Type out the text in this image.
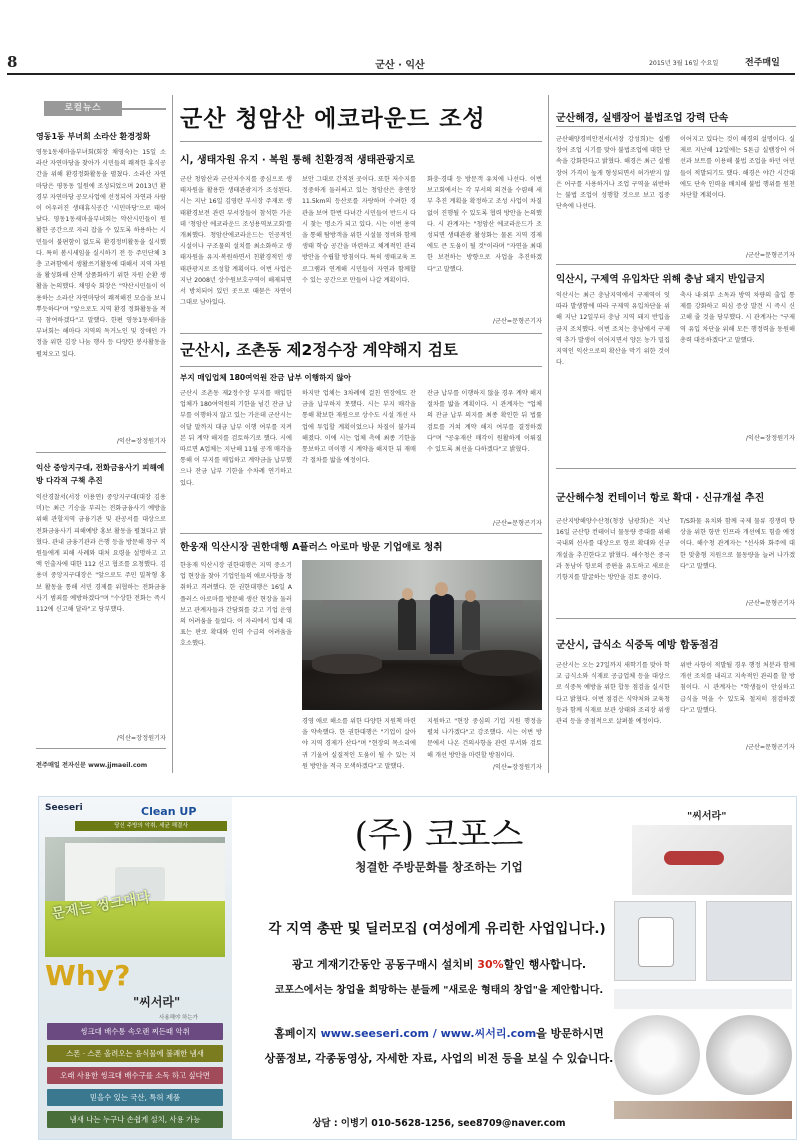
8	군산 · 익산	2015년 3월 16일 수요일	전주매일
로컬뉴스
영동1동 부녀회 소라산 환경정화
영동1동새마을부녀회(회장 채영숙)는 15일 소라산 자연마당을 찾아가 시민들의 쾌적한 휴식공간을 위해 환경정화활동을 펼쳤다. 소라산 자연마당은 평동동 일원에 조성되었으며 2013년 환경부 자연마당 공모사업에 선정되어 자연과 사람이 어우러진 생태휴식공간 '시민마당'으로 태어났다. 영동1동새마을부녀회는 약산시민들이 원활한 공간으로 자리 잡을 수 있도록 하용하는 시민들이 불편함이 없도록 환경정비활동을 실시했다. 특히 봄시세임을 실시하기 전 등 주민단체 3층 고려함에서 생활쓰기활동에 대해서 지역 자원을 활성화해 산책 상품화하기 위한 자원 순환 생활을 논의했다. 채영숙 회장은 "약산시민들이 이용하는 소라산 자연마당이 쾌적해진 모습을 보니 뿌듯하다"며 "앞으로도 지역 환경 정화활동을 적극 참여하겠다"고 말했다. 한편 영동1동새마을부녀회는 해마다 지역의 독거노인 및 장애인 가정을 위한 김장 나눔 행사 등 다양한 봉사활동을 펼쳐오고 있다.
/익산=장정원기자
익산 중앙지구대, 전화금융사기 피해예방 다각적 구책 추진
익산경찰서(서장 이용연) 중앙지구대(대장 김용미)는 최근 기승을 부리는 전화금융사기 예방을 위해 관할지역 금융기관 및 관공서를 대상으로 전화금융사기 피해예방 홍보 활동을 펼쳤다고 밝혔다. 관내 금융기관과 은행 등을 방문해 창구 직원들에게 피해 사례와 대처 요령을 설명하고 고액 인출자에 대한 112 신고 협조를 요청했다. 김용미 중앙지구대장은 "앞으로도 주민 밀착형 홍보 활동을 통해 서민 경제를 위협하는 전화금융사기 범죄를 예방하겠다"며 "수상한 전화는 즉시 112에 신고해 달라"고 당부했다.
/익산=장정원기자
전주매일 전자신문 www.jjmaeil.com
군산 청암산 에코라운드 조성
시, 생태자원 유지 · 복원 통해 친환경적 생태관광지로
군산 청암산과 군산저수지를 중심으로 생태자원을 활용한 생태관광지가 조성된다. 시는 지난 16일 김영란 부시장 주재로 생태환경보전 관련 부서장들이 참석한 가운데 '청암산 에코라운드 조성용역보고회'를 개최했다. 청암산에코라운드는 인공적인 시설이나 구조물의 설치를 최소화하고 생태자원을 유지·복원하면서 친환경적인 생태관광지로 조성할 계획이다. 이번 사업은 지난 2008년 상수원보호구역이 해제되면서 방치되어 있던 곳으로 때묻은 자연이 그대로 남아있다.
보안 그대로 간직된 곳이다. 또한 저수지를 정중하게 둘러싸고 있는 청암산은 총연장 11.5km의 등산로를 자랑하며 수려한 경관을 보여 한번 다녀간 시민들이 반드시 다시 찾는 명소가 되고 있다. 시는 이번 용역을 통해 탐방객을 위한 시설물 정비와 함께 생태 학습 공간을 마련하고 체계적인 관리 방안을 수립할 방침이다. 특히 생태교육 프로그램과 연계해 시민들이 자연과 함께할 수 있는 공간으로 만들어 나갈 계획이다.
화충·경대 등 방문객 유치에 나선다. 이번 보고회에서는 각 부서의 의견을 수렴해 세부 추진 계획을 확정하고 조성 사업이 차질 없이 진행될 수 있도록 협력 방안을 논의했다. 시 관계자는 "청암산 에코라운드가 조성되면 생태관광 활성화는 물론 지역 경제에도 큰 도움이 될 것"이라며 "자연을 최대한 보전하는 방향으로 사업을 추진하겠다"고 말했다.
/군산=문형곤기자
군산시, 조촌동 제2정수장 계약해지 검토
부지 매입업체 180여억원 잔금 납부 이행하지 않아
군산시 조촌동 제2정수장 부지를 매입한 업체가 180여억원의 기한을 넘긴 잔금 납부를 이행하지 않고 있는 가운데 군산시는 이달 말까지 대금 납부 이행 여부를 지켜본 뒤 계약 해지를 검토하기로 했다. 시에 따르면 A업체는 지난해 11월 공개 매각을 통해 이 부지를 매입하고 계약금을 납부했으나 잔금 납부 기한을 수차례 연기하고 있다.
하지만 업체는 3차례에 걸친 연장에도 잔금을 납부하지 못했다. 시는 부지 매각을 통해 확보한 재원으로 상수도 시설 개선 사업에 투입할 계획이었으나 차질이 불가피해졌다. 이에 시는 업체 측에 최종 기한을 통보하고 미이행 시 계약을 해지한 뒤 재매각 절차를 밟을 예정이다.
잔금 납부를 이행하지 않을 경우 계약 해지 절차를 밟을 계획이다. 시 관계자는 "업체의 잔금 납부 의지를 최종 확인한 뒤 법률 검토를 거쳐 계약 해지 여부를 결정하겠다"며 "공유재산 매각이 원활하게 이뤄질 수 있도록 최선을 다하겠다"고 밝혔다.
/군산=문형곤기자
한웅재 익산시장 권한대행 A플러스 아로마 방문 기업애로 청취
한웅재 익산시장 권한대행은 지역 중소기업 현장을 찾아 기업인들의 애로사항을 청취하고 격려했다. 한 권한대행은 16일 A플러스 아로마를 방문해 생산 현장을 둘러보고 관계자들과 간담회를 갖고 기업 운영의 어려움을 들었다. 이 자리에서 업체 대표는 판로 확대와 인력 수급의 어려움을 호소했다.
경영 애로 해소를 위한 다양한 지원책 마련을 약속했다. 한 권한대행은 "기업이 살아야 지역 경제가 산다"며 "현장의 목소리에 귀 기울여 실질적인 도움이 될 수 있는 지원 방안을 적극 모색하겠다"고 말했다.
지원하고 "현장 중심의 기업 지원 행정을 펼쳐 나가겠다"고 강조했다. 시는 이번 방문에서 나온 건의사항을 관련 부서와 검토해 개선 방안을 마련할 방침이다.
/익산=장정원기자
군산해경, 실뱀장어 불법조업 강력 단속
군산해양경비안전서(서장 강성희)는 실뱀장어 조업 시기를 맞아 불법조업에 대한 단속을 강화한다고 밝혔다. 해경은 최근 실뱀장어 가격이 높게 형성되면서 허가받지 않은 어구를 사용하거나 조업 구역을 위반하는 불법 조업이 성행할 것으로 보고 집중 단속에 나선다.
이어지고 있다는 것이 해경의 설명이다. 실제로 지난해 12일에는 5톤급 실뱀장어 어선과 보트를 이용해 불법 조업을 하던 어민들이 적발되기도 했다. 해경은 야간 시간대에도 단속 인력을 배치해 불법 행위를 원천 차단할 계획이다.
/군산=문형곤기자
익산시, 구제역 유입차단 위해 충남 돼지 반입금지
익산시는 최근 충남지역에서 구제역이 잇따라 발생함에 따라 구제역 유입차단을 위해 지난 12일부터 충남 지역 돼지 반입을 금지 조치했다. 이번 조치는 충남에서 구제역 추가 발생이 이어지면서 양돈 농가 밀집 지역인 익산으로의 확산을 막기 위한 것이다.
축사 내·외부 소독과 방역 차량의 출입 통제를 강화하고 의심 증상 발견 시 즉시 신고해 줄 것을 당부했다. 시 관계자는 "구제역 유입 차단을 위해 모든 행정력을 동원해 총력 대응하겠다"고 말했다.
/익산=장정원기자
군산해수청 컨테이너 항로 확대 · 신규개설 추진
군산지방해양수산청(청장 남광희)은 지난 16일 군산항 컨테이너 물동량 증대를 위해 국내외 선사를 대상으로 항로 확대와 신규 개설을 추진한다고 밝혔다. 해수청은 중국과 동남아 항로의 증편을 유도하고 새로운 기항지를 발굴하는 방안을 검토 중이다.
T/S화물 유치와 함께 국제 물류 경쟁력 향상을 위한 항만 인프라 개선에도 힘쓸 예정이다. 해수청 관계자는 "선사와 화주에 대한 맞춤형 지원으로 물동량을 늘려 나가겠다"고 말했다.
/군산=문형곤기자
군산시, 급식소 식중독 예방 합동점검
군산시는 오는 27일까지 새학기를 맞아 학교 급식소와 식재료 공급업체 등을 대상으로 식중독 예방을 위한 합동 점검을 실시한다고 밝혔다. 이번 점검은 식약처와 교육청 등과 함께 식재료 보관 상태와 조리장 위생 관리 등을 중점적으로 살펴볼 예정이다.
위반 사항이 적발될 경우 행정 처분과 함께 개선 조치를 내리고 지속적인 관리를 할 방침이다. 시 관계자는 "학생들이 안심하고 급식을 먹을 수 있도록 철저히 점검하겠다"고 말했다.
/군산=문형곤기자
Seeseri	Clean UP
당신 주방의 악취, 세균 해결사
문제는 씽크대다
Why?
"씨서라"
사용해야 하는가
씽크대 배수통 속오랜 찌든때 악취
스폰 · 스폰 올려오는 음식물에 불쾌한 냄새
오래 사용한 씽크대 배수구를 소독 하고 싶다면
믿을수 있는 국산, 특허 제품
냄새 나는 누구나 손쉽게 설치, 사용 가능
(주) 코포스
청결한 주방문화를 창조하는 기업
각 지역 총판 및 딜러모집 (여성에게 유리한 사업입니다.)
광고 게재기간동안 공동구매시 설치비 30%할인 행사합니다.
코포스에서는 창업을 희망하는 분들께 "새로운 형태의 창업"을 제안합니다.
홈페이지 www.seeseri.com / www.씨서리.com을 방문하시면
상품정보, 각종동영상, 자세한 자료, 사업의 비전 등을 보실 수 있습니다.
상담 : 이병기 010-5628-1256, see8709@naver.com
"씨서라"
